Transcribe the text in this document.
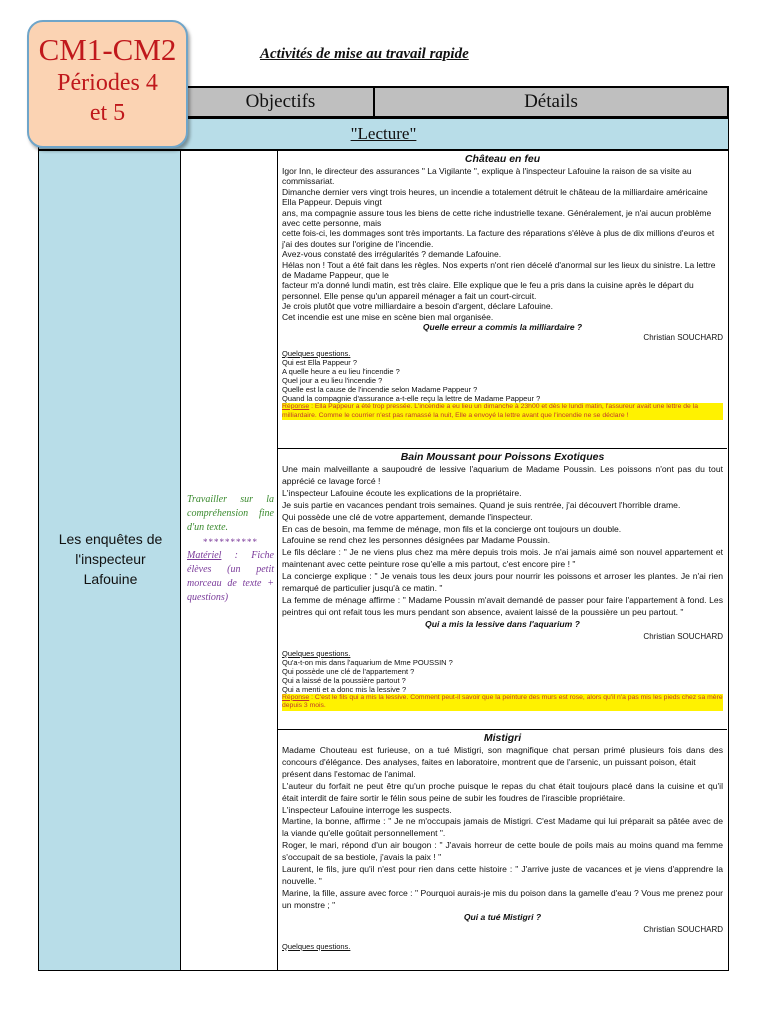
CM1-CM2
Périodes 4
et 5
Activités de mise au travail rapide
Objectifs	Détails
"Lecture"
Les enquêtes de
l'inspecteur
Lafouine
Travailler sur la compréhension fine d'un texte.
**********
Matériel : Fiche élèves (un petit morceau de texte + questions)
Château en feu

Igor Inn, le directeur des assurances " La Vigilante ", explique à l'inspecteur Lafouine la raison de sa visite au commissariat.

Dimanche dernier vers vingt trois heures, un incendie a totalement détruit le château de la milliardaire américaine Ella Pappeur. Depuis vingt

ans, ma compagnie assure tous les biens de cette riche industrielle texane. Généralement, je n'ai aucun problème avec cette personne, mais

cette fois-ci, les dommages sont très importants. La facture des réparations s'élève à plus de dix millions d'euros et j'ai des doutes sur l'origine de l'incendie.

Avez-vous constaté des irrégularités ? demande Lafouine.

Hélas non ! Tout a été fait dans les règles. Nos experts n'ont rien décelé d'anormal sur les lieux du sinistre. La lettre de Madame Pappeur, que le

facteur m'a donné lundi matin, est très claire. Elle explique que le feu a pris dans la cuisine après le départ du personnel. Elle pense qu'un appareil ménager a fait un court-circuit.

Je crois plutôt que votre milliardaire a besoin d'argent, déclare Lafouine.

Cet incendie est une mise en scène bien mal organisée.

Quelle erreur a commis la milliardaire ?
Christian SOUCHARD
Quelques questions.
Qui est Ella Pappeur ?
A quelle heure a eu lieu l'incendie ?
Quel jour a eu lieu l'incendie ?
Quelle est la cause de l'incendie selon Madame Pappeur ?
Quand la compagnie d'assurance a-t-elle reçu la lettre de Madame Pappeur ?
Réponse : Ella Pappeur a été trop pressée. L'incendie a eu lieu un dimanche à 23h00 et dès le lundi matin, l'assureur avait une lettre de la milliardaire. Comme le courrier n'est pas ramassé la nuit, Elle a envoyé la lettre avant que l'incendie ne se déclare !
Bain Moussant pour Poissons Exotiques

Une main malveillante a saupoudré de lessive l'aquarium de Madame Poussin. Les poissons n'ont pas du tout apprécié ce lavage forcé !

L'inspecteur Lafouine écoute les explications de la propriétaire.

Je suis partie en vacances pendant trois semaines. Quand je suis rentrée, j'ai découvert l'horrible drame.

Qui possède une clé de votre appartement, demande l'inspecteur.

En cas de besoin, ma femme de ménage, mon fils et la concierge ont toujours un double.

Lafouine se rend chez les personnes désignées par Madame Poussin.

Le fils déclare : " Je ne viens plus chez ma mère depuis trois mois. Je n'ai jamais aimé son nouvel appartement et maintenant avec cette peinture rose qu'elle a mis partout, c'est encore pire ! "

La concierge explique : " Je venais tous les deux jours pour nourrir les poissons et arroser les plantes. Je n'ai rien remarqué de particulier jusqu'à ce matin. "

La femme de ménage affirme : " Madame Poussin m'avait demandé de passer pour faire l'appartement à fond. Les peintres qui ont refait tous les murs pendant son absence, avaient laissé de la poussière un peu partout. "

Qui a mis la lessive dans l'aquarium ?
Christian SOUCHARD
Quelques questions.
Qu'a-t-on mis dans l'aquarium de Mme POUSSIN ?
Qui possède une clé de l'appartement ?
Qui a laissé de la poussière partout ?
Qui a menti et a donc mis la lessive ?
Réponse : C'est le fils qui a mis la lessive. Comment peut-il savoir que la peinture des murs est rose, alors qu'il n'a pas mis les pieds chez sa mère depuis 3 mois.
Mistigri

Madame Chouteau est furieuse, on a tué Mistigri, son magnifique chat persan primé plusieurs fois dans des concours d'élégance. Des analyses, faites en laboratoire, montrent que de l'arsenic, un puissant poison, était

présent dans l'estomac de l'animal.

L'auteur du forfait ne peut être qu'un proche puisque le repas du chat était toujours placé dans la cuisine et qu'il était interdit de faire sortir le félin sous peine de subir les foudres de l'irascible propriétaire.

L'inspecteur Lafouine interroge les suspects.

Martine, la bonne, affirme : " Je ne m'occupais jamais de Mistigri. C'est Madame qui lui préparait sa pâtée avec de la viande qu'elle goûtait personnellement ".

Roger, le mari, répond d'un air bougon : " J'avais horreur de cette boule de poils mais au moins quand ma femme s'occupait de sa bestiole, j'avais la paix ! "

Laurent, le fils, jure qu'il n'est pour rien dans cette histoire : " J'arrive juste de vacances et je viens d'apprendre la nouvelle. "

Marine, la fille, assure avec force : " Pourquoi aurais-je mis du poison dans la gamelle d'eau ? Vous me prenez pour un monstre ; "

Qui a tué Mistigri ?
Christian SOUCHARD
Quelques questions.
